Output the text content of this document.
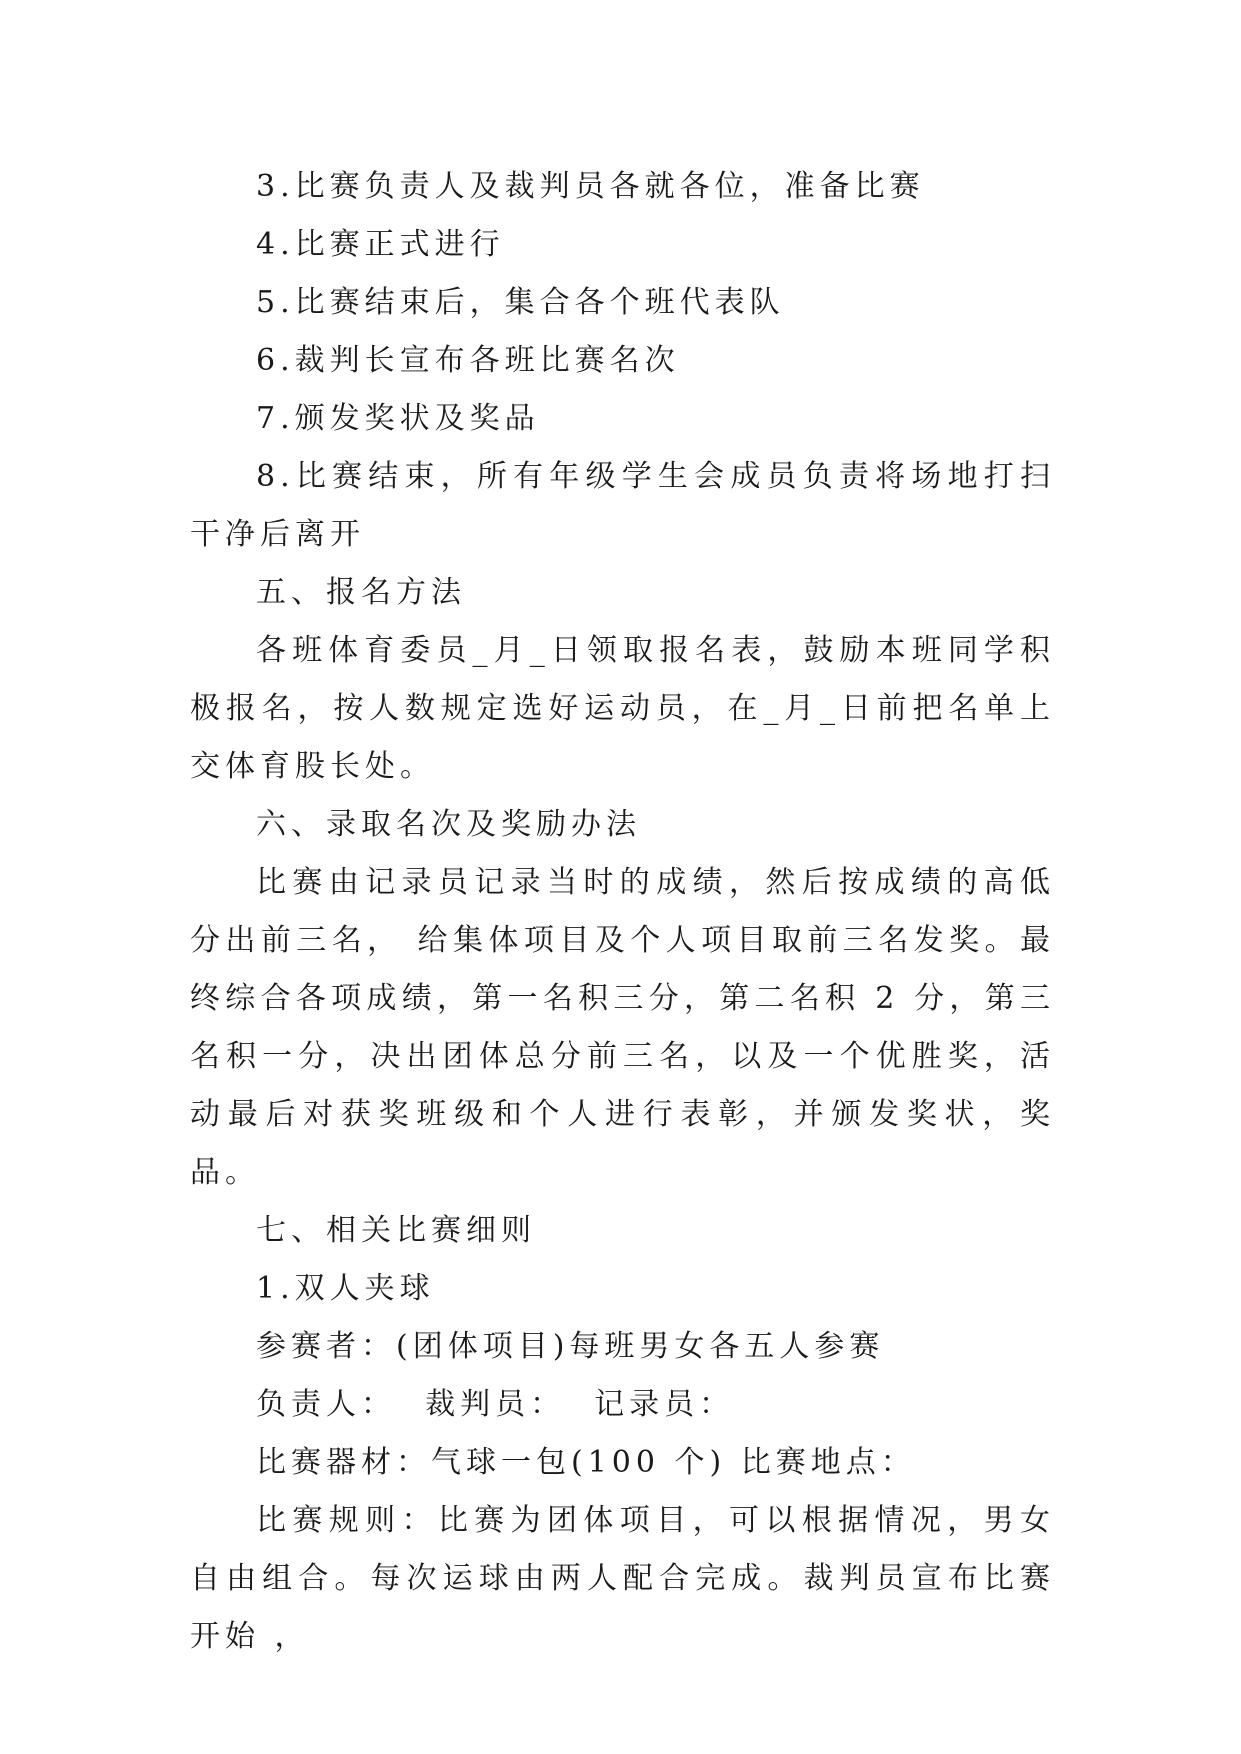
3.比赛负责人及裁判员各就各位，准备比赛

4.比赛正式进行

5.比赛结束后，集合各个班代表队

6.裁判长宣布各班比赛名次

7.颁发奖状及奖品

8.比赛结束，所有年级学生会成员负责将场地打扫干净后离开

五、报名方法

各班体育委员_月_日领取报名表，鼓励本班同学积极报名，按人数规定选好运动员，在_月_日前把名单上交体育股长处。

六、录取名次及奖励办法

比赛由记录员记录当时的成绩，然后按成绩的高低分出前三名， 给集体项目及个人项目取前三名发奖。最终综合各项成绩，第一名积三分，第二名积 2 分，第三名积一分，决出团体总分前三名，以及一个优胜奖，活动最后对获奖班级和个人进行表彰，并颁发奖状，奖品。

七、相关比赛细则

1.双人夹球

参赛者：(团体项目)每班男女各五人参赛

负责人：  裁判员：  记录员：

比赛器材：气球一包(100 个) 比赛地点：

比赛规则：比赛为团体项目，可以根据情况，男女自由组合。每次运球由两人配合完成。裁判员宣布比赛开始 ，
